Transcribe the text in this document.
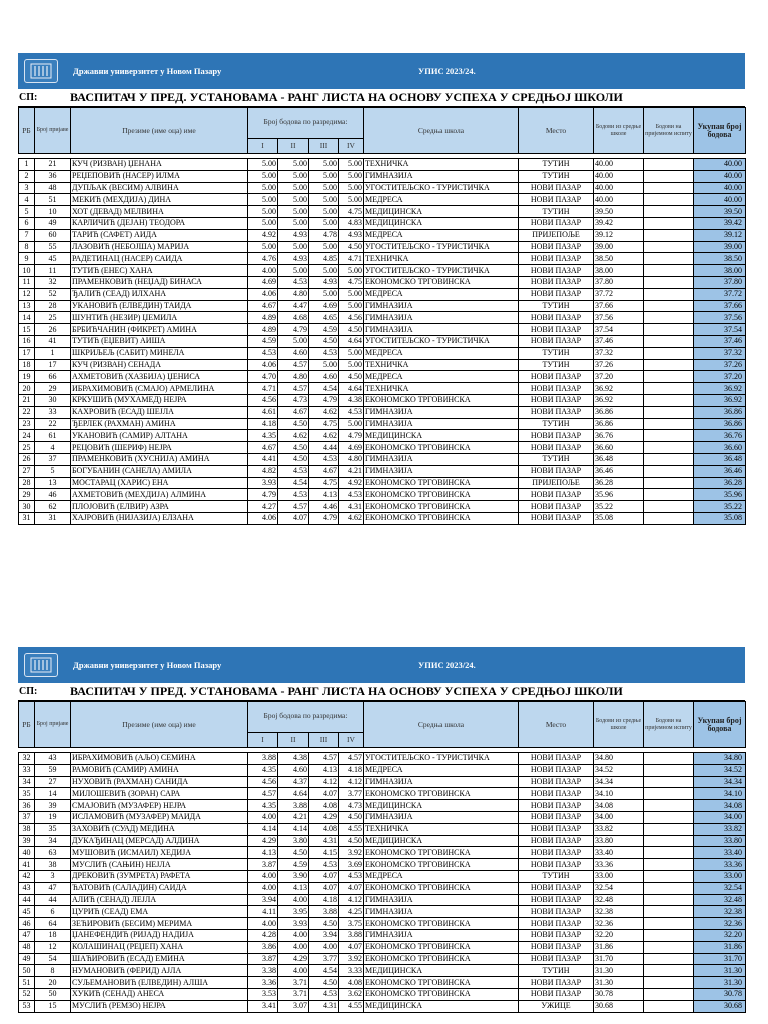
Државни универзитет у Новом Пазару	УПИС 2023/24.
СП:	ВАСПИТАЧ У ПРЕД. УСТАНОВАМА - РАНГ ЛИСТА НА ОСНОВУ УСПЕХА У СРЕДЊОЈ ШКОЛИ
РБ	Број пријаве	Презиме (име оца) име	Број бодова по разредима:				Средња школа	Место	Бодови из средње школе	Бодови на пријемном испиту	Укупан број бодова
			I	II	III	IV					

1	21	КУЧ (РИЗВАН) ЏЕНАНА	5.00	5.00	5.00	5.00	ТЕХНИЧКА	ТУТИН	40.00		40.00
2	36	РЕЏЕПОВИЋ (НАСЕР) ИЛМА	5.00	5.00	5.00	5.00	ГИМНАЗИЈА	ТУТИН	40.00		40.00
3	48	ДУПЉАК (ВЕСИМ) АЛВИНА	5.00	5.00	5.00	5.00	УГОСТИТЕЉСКО - ТУРИСТИЧКА	НОВИ ПАЗАР	40.00		40.00
4	51	МЕКИЋ (МЕХДИЈА) ДИНА	5.00	5.00	5.00	5.00	МЕДРЕСА	НОВИ ПАЗАР	40.00		40.00
5	10	ХОТ (ДЕВАД) МЕЛВИНА	5.00	5.00	5.00	4.75	МЕДИЦИНСКА	ТУТИН	39.50		39.50
6	49	КАРЛИЧИЋ (ДЕЈАН) ТЕОДОРА	5.00	5.00	5.00	4.83	МЕДИЦИНСКА	НОВИ ПАЗАР	39.42		39.42
7	60	ТАРИЋ (САФЕТ) АИДА	4.92	4.93	4.78	4.93	МЕДРЕСА	ПРИЈЕПОЉЕ	39.12		39.12
8	55	ЛАЗОВИЋ (НЕБОЈША) МАРИЈА	5.00	5.00	5.00	4.50	УГОСТИТЕЉСКО - ТУРИСТИЧКА	НОВИ ПАЗАР	39.00		39.00
9	45	РАДЕТИНАЦ (НАСЕР) САИДА	4.76	4.93	4.85	4.71	ТЕХНИЧКА	НОВИ ПАЗАР	38.50		38.50
10	11	ТУТИЋ (ЕНЕС) ХАНА	4.00	5.00	5.00	5.00	УГОСТИТЕЉСКО - ТУРИСТИЧКА	НОВИ ПАЗАР	38.00		38.00
11	32	ПРАМЕНКОВИЋ (НЕЏАД) БИНАСА	4.69	4.53	4.93	4.75	ЕКОНОМСКО ТРГОВИНСКА	НОВИ ПАЗАР	37.80		37.80
12	52	ЂАЛИЋ (СЕАД) ИЛХАНА	4.06	4.80	5.00	5.00	МЕДРЕСА	НОВИ ПАЗАР	37.72		37.72
13	28	УКАНОВИЋ (ЕЛВЕДИН) ТАИДА	4.67	4.47	4.69	5.00	ГИМНАЗИЈА	ТУТИН	37.66		37.66
14	25	ШУНТИЋ (НЕЗИР) ЏЕМИЛА	4.89	4.68	4.65	4.56	ГИМНАЗИЈА	НОВИ ПАЗАР	37.56		37.56
15	26	БРБИЋЧАНИН (ФИКРЕТ) АМИНА	4.89	4.79	4.59	4.50	ГИМНАЗИЈА	НОВИ ПАЗАР	37.54		37.54
16	41	ТУТИЋ (ЕЏЕВИТ) АИША	4.59	5.00	4.50	4.64	УГОСТИТЕЉСКО - ТУРИСТИЧКА	НОВИ ПАЗАР	37.46		37.46
17	1	ШКРИЉЕЉ (САБИТ) МИНЕЛА	4.53	4.60	4.53	5.00	МЕДРЕСА	ТУТИН	37.32		37.32
18	17	КУЧ (РИЗВАН) СЕНАДА	4.06	4.57	5.00	5.00	ТЕХНИЧКА	ТУТИН	37.26		37.26
19	66	АХМЕТОВИЋ (ХАЗБИЈА) ЏЕНИСА	4.70	4.80	4.60	4.50	МЕДРЕСА	НОВИ ПАЗАР	37.20		37.20
20	29	ИБРАХИМОВИЋ (СМАЈО) АРМЕЛИНА	4.71	4.57	4.54	4.64	ТЕХНИЧКА	НОВИ ПАЗАР	36.92		36.92
21	30	КРКУШИЋ (МУХАМЕД) НЕЈРА	4.56	4.73	4.79	4.38	ЕКОНОМСКО ТРГОВИНСКА	НОВИ ПАЗАР	36.92		36.92
22	33	КАХРОВИЋ (ЕСАД) ШЕЈЛА	4.61	4.67	4.62	4.53	ГИМНАЗИЈА	НОВИ ПАЗАР	36.86		36.86
23	22	ЂЕРЛЕК (РАХМАН) АМИНА	4.18	4.50	4.75	5.00	ГИМНАЗИЈА	ТУТИН	36.86		36.86
24	61	УКАНОВИЋ (САМИР) АЛТАНА	4.35	4.62	4.62	4.79	МЕДИЦИНСКА	НОВИ ПАЗАР	36.76		36.76
25	4	РЕЦОВИЋ (ШЕРИФ) НЕЈРА	4.67	4.50	4.44	4.69	ЕКОНОМСКО ТРГОВИНСКА	НОВИ ПАЗАР	36.60		36.60
26	37	ПРАМЕНКОВИЋ (ХУСНИЈА) АМИНА	4.41	4.50	4.53	4.80	ГИМНАЗИЈА	ТУТИН	36.48		36.48
27	5	БОГУБАНИН (САНЕЛА) АМИЛА	4.82	4.53	4.67	4.21	ГИМНАЗИЈА	НОВИ ПАЗАР	36.46		36.46
28	13	МОСТАРАЦ (ХАРИС) ЕНА	3.93	4.54	4.75	4.92	ЕКОНОМСКО ТРГОВИНСКА	ПРИЈЕПОЉЕ	36.28		36.28
29	46	АХМЕТОВИЋ (МЕХДИЈА) АЛМИНА	4.79	4.53	4.13	4.53	ЕКОНОМСКО ТРГОВИНСКА	НОВИ ПАЗАР	35.96		35.96
30	62	ПЛОЈОВИЋ (ЕЛВИР) АЗРА	4.27	4.57	4.46	4.31	ЕКОНОМСКО ТРГОВИНСКА	НОВИ ПАЗАР	35.22		35.22
31	31	ХАЈРОВИЋ (НИЈАЗИЈА) ЕЛЗАНА	4.06	4.07	4.79	4.62	ЕКОНОМСКО ТРГОВИНСКА	НОВИ ПАЗАР	35.08		35.08
Државни универзитет у Новом Пазару	УПИС 2023/24.
СП:	ВАСПИТАЧ У ПРЕД. УСТАНОВАМА - РАНГ ЛИСТА НА ОСНОВУ УСПЕХА У СРЕДЊОЈ ШКОЛИ
РБ	Број пријаве	Презиме (име оца) име	Број бодова по разредима:				Средња школа	Место	Бодови из средње школе	Бодови на пријемном испиту	Укупан број бодова
			I	II	III	IV					

32	43	ИБРАХИМОВИЋ (АЉО) СЕМИНА	3.88	4.38	4.57	4.57	УГОСТИТЕЉСКО - ТУРИСТИЧКА	НОВИ ПАЗАР	34.80		34.80
33	59	РАМОВИЋ (САМИР) АМИНА	4.35	4.60	4.13	4.18	МЕДРЕСА	НОВИ ПАЗАР	34.52		34.52
34	27	НУХОВИЋ (РАХМАН) САНИДА	4.56	4.37	4.12	4.12	ГИМНАЗИЈА	НОВИ ПАЗАР	34.34		34.34
35	14	МИЛОШЕВИЋ (ЗОРАН) САРА	4.57	4.64	4.07	3.77	ЕКОНОМСКО ТРГОВИНСКА	НОВИ ПАЗАР	34.10		34.10
36	39	СМАЈОВИЋ (МУЗАФЕР) НЕЈРА	4.35	3.88	4.08	4.73	МЕДИЦИНСКА	НОВИ ПАЗАР	34.08		34.08
37	19	ИСЛАМОВИЋ (МУЗАФЕР) МАИДА	4.00	4.21	4.29	4.50	ГИМНАЗИЈА	НОВИ ПАЗАР	34.00		34.00
38	35	ЗАХОВИЋ (СУАД) МЕДИНА	4.14	4.14	4.08	4.55	ТЕХНИЧКА	НОВИ ПАЗАР	33.82		33.82
39	34	ДУКАЂИНАЦ (МЕРСАД) АЛДИНА	4.29	3.80	4.31	4.50	МЕДИЦИНСКА	НОВИ ПАЗАР	33.80		33.80
40	63	МУШОВИЋ (ИСМАИЛ) ХЕДИЈА	4.13	4.50	4.15	3.92	ЕКОНОМСКО ТРГОВИНСКА	НОВИ ПАЗАР	33.40		33.40
41	38	МУСЛИЋ (САЊИН) НЕЈЛА	3.87	4.59	4.53	3.69	ЕКОНОМСКО ТРГОВИНСКА	НОВИ ПАЗАР	33.36		33.36
42	3	ДРЕКОВИЋ (ЗУМРЕТА) РАФЕТА	4.00	3.90	4.07	4.53	МЕДРЕСА	ТУТИН	33.00		33.00
43	47	ЋАТОВИЋ (САЛАДИН) САИДА	4.00	4.13	4.07	4.07	ЕКОНОМСКО ТРГОВИНСКА	НОВИ ПАЗАР	32.54		32.54
44	44	АЛИЋ (СЕНАД) ЛЕЈЛА	3.94	4.00	4.18	4.12	ГИМНАЗИЈА	НОВИ ПАЗАР	32.48		32.48
45	6	ЦУРИЋ (СЕАД) ЕМА	4.11	3.95	3.88	4.25	ГИМНАЗИЈА	НОВИ ПАЗАР	32.38		32.38
46	64	ЗЕЋИРОВИЋ (БЕСИМ) МЕРИМА	4.00	3.93	4.50	3.75	ЕКОНОМСКО ТРГОВИНСКА	НОВИ ПАЗАР	32.36		32.36
47	18	ЏАНЕФЕНДИЋ (РИЈАД) НАДИЈА	4.28	4.00	3.94	3.88	ГИМНАЗИЈА	НОВИ ПАЗАР	32.20		32.20
48	12	КОЛАШИНАЦ (РЕЏЕП) ХАНА	3.86	4.00	4.00	4.07	ЕКОНОМСКО ТРГОВИНСКА	НОВИ ПАЗАР	31.86		31.86
49	54	ШАЋИРОВИЋ (ЕСАД) ЕМИНА	3.87	4.29	3.77	3.92	ЕКОНОМСКО ТРГОВИНСКА	НОВИ ПАЗАР	31.70		31.70
50	8	НУМАНОВИЋ (ФЕРИД) АЈЛА	3.38	4.00	4.54	3.33	МЕДИЦИНСКА	ТУТИН	31.30		31.30
51	20	СУЉЕМАНОВИЋ (ЕЛВЕДИН) АЛША	3.36	3.71	4.50	4.08	ЕКОНОМСКО ТРГОВИНСКА	НОВИ ПАЗАР	31.30		31.30
52	50	ХУКИЋ (СЕНАД) АНЕСА	3.53	3.71	4.53	3.62	ЕКОНОМСКО ТРГОВИНСКА	НОВИ ПАЗАР	30.78		30.78
53	15	МУСЛИЋ (РЕМЗО) НЕЈРА	3.41	3.07	4.31	4.55	МЕДИЦИНСКА	УЖИЦЕ	30.68		30.68
